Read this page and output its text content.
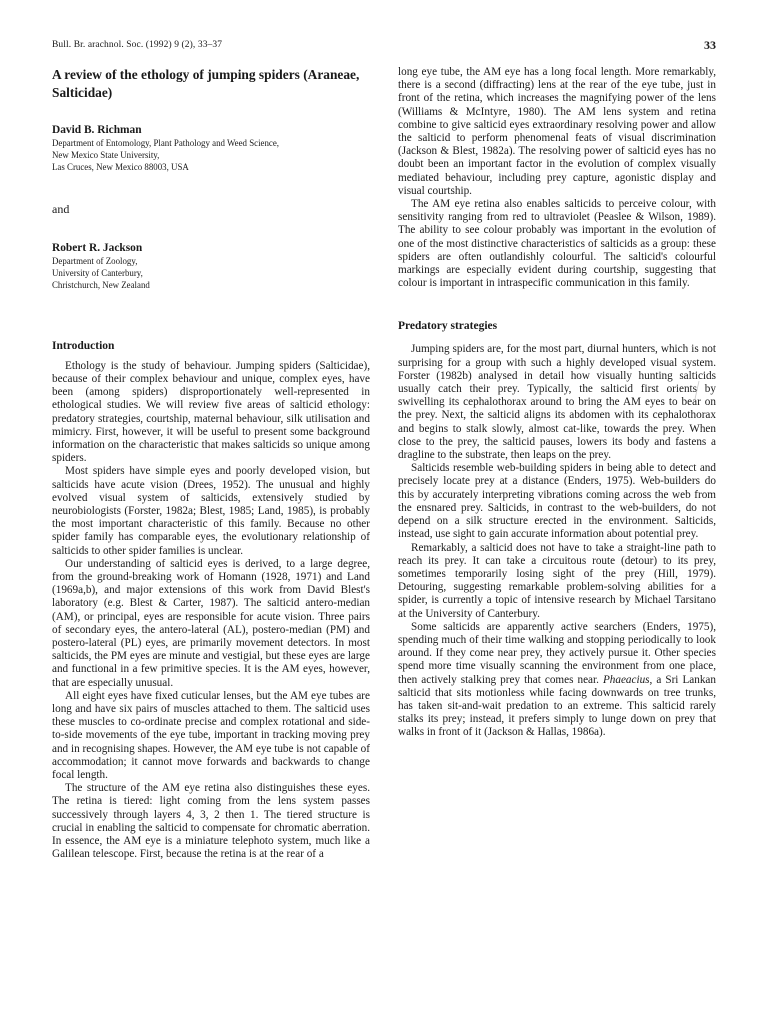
Bull. Br. arachnol. Soc. (1992) 9 (2), 33–37	33
A review of the ethology of jumping spiders (Araneae, Salticidae)
David B. Richman
Department of Entomology, Plant Pathology and Weed Science,
New Mexico State University,
Las Cruces, New Mexico 88003, USA
and
Robert R. Jackson
Department of Zoology,
University of Canterbury,
Christchurch, New Zealand
Introduction

Ethology is the study of behaviour. Jumping spiders (Salticidae), because of their complex behaviour and unique, complex eyes, have been (among spiders) disproportionately well-represented in ethological studies. We will review five areas of salticid ethology: predatory strategies, courtship, maternal behaviour, silk utilisation and mimicry. First, however, it will be useful to present some background information on the characteristic that makes salticids so unique among spiders.

Most spiders have simple eyes and poorly developed vision, but salticids have acute vision (Drees, 1952). The unusual and highly evolved visual system of salticids, extensively studied by neurobiologists (Forster, 1982a; Blest, 1985; Land, 1985), is probably the most important characteristic of this family. Because no other spider family has comparable eyes, the evolutionary relationship of salticids to other spider families is unclear.

Our understanding of salticid eyes is derived, to a large degree, from the ground-breaking work of Homann (1928, 1971) and Land (1969a,b), and major extensions of this work from David Blest's laboratory (e.g. Blest & Carter, 1987). The salticid antero-median (AM), or principal, eyes are responsible for acute vision. Three pairs of secondary eyes, the antero-lateral (AL), postero-median (PM) and postero-lateral (PL) eyes, are primarily movement detectors. In most salticids, the PM eyes are minute and vestigial, but these eyes are large and functional in a few primitive species. It is the AM eyes, however, that are especially unusual.

All eight eyes have fixed cuticular lenses, but the AM eye tubes are long and have six pairs of muscles attached to them. The salticid uses these muscles to co-ordinate precise and complex rotational and side-to-side movements of the eye tube, important in tracking moving prey and in recognising shapes. However, the AM eye tube is not capable of accommodation; it cannot move forwards and backwards to change focal length.

The structure of the AM eye retina also distinguishes these eyes. The retina is tiered: light coming from the lens system passes successively through layers 4, 3, 2 then 1. The tiered structure is crucial in enabling the salticid to compensate for chromatic aberration. In essence, the AM eye is a miniature telephoto system, much like a Galilean telescope. First, because the retina is at the rear of a

long eye tube, the AM eye has a long focal length. More remarkably, there is a second (diffracting) lens at the rear of the eye tube, just in front of the retina, which increases the magnifying power of the lens (Williams & McIntyre, 1980). The AM lens system and retina combine to give salticid eyes extraordinary resolving power and allow the salticid to perform phenomenal feats of visual discrimination (Jackson & Blest, 1982a). The resolving power of salticid eyes has no doubt been an important factor in the evolution of complex visually mediated behaviour, including prey capture, agonistic display and visual courtship.

The AM eye retina also enables salticids to perceive colour, with sensitivity ranging from red to ultraviolet (Peaslee & Wilson, 1989). The ability to see colour probably was important in the evolution of one of the most distinctive characteristics of salticids as a group: these spiders are often outlandishly colourful. The salticid's colourful markings are especially evident during courtship, suggesting that colour is important in intraspecific communication in this family.

Predatory strategies

Jumping spiders are, for the most part, diurnal hunters, which is not surprising for a group with such a highly developed visual system. Forster (1982b) analysed in detail how visually hunting salticids usually catch their prey. Typically, the salticid first orients by swivelling its cephalothorax around to bring the AM eyes to bear on the prey. Next, the salticid aligns its abdomen with its cephalothorax and begins to stalk slowly, almost cat-like, towards the prey. When close to the prey, the salticid pauses, lowers its body and fastens a dragline to the substrate, then leaps on the prey.

Salticids resemble web-building spiders in being able to detect and precisely locate prey at a distance (Enders, 1975). Web-builders do this by accurately interpreting vibrations coming across the web from the ensnared prey. Salticids, in contrast to the web-builders, do not depend on a silk structure erected in the environment. Salticids, instead, use sight to gain accurate information about potential prey.

Remarkably, a salticid does not have to take a straight-line path to reach its prey. It can take a circuitous route (detour) to its prey, sometimes temporarily losing sight of the prey (Hill, 1979). Detouring, suggesting remarkable problem-solving abilities for a spider, is currently a topic of intensive research by Michael Tarsitano at the University of Canterbury.

Some salticids are apparently active searchers (Enders, 1975), spending much of their time walking and stopping periodically to look around. If they come near prey, they actively pursue it. Other species spend more time visually scanning the environment from one place, then actively stalking prey that comes near. Phaeacius, a Sri Lankan salticid that sits motionless while facing downwards on tree trunks, has taken sit-and-wait predation to an extreme. This salticid rarely stalks its prey; instead, it prefers simply to lunge down on prey that walks in front of it (Jackson & Hallas, 1986a).
